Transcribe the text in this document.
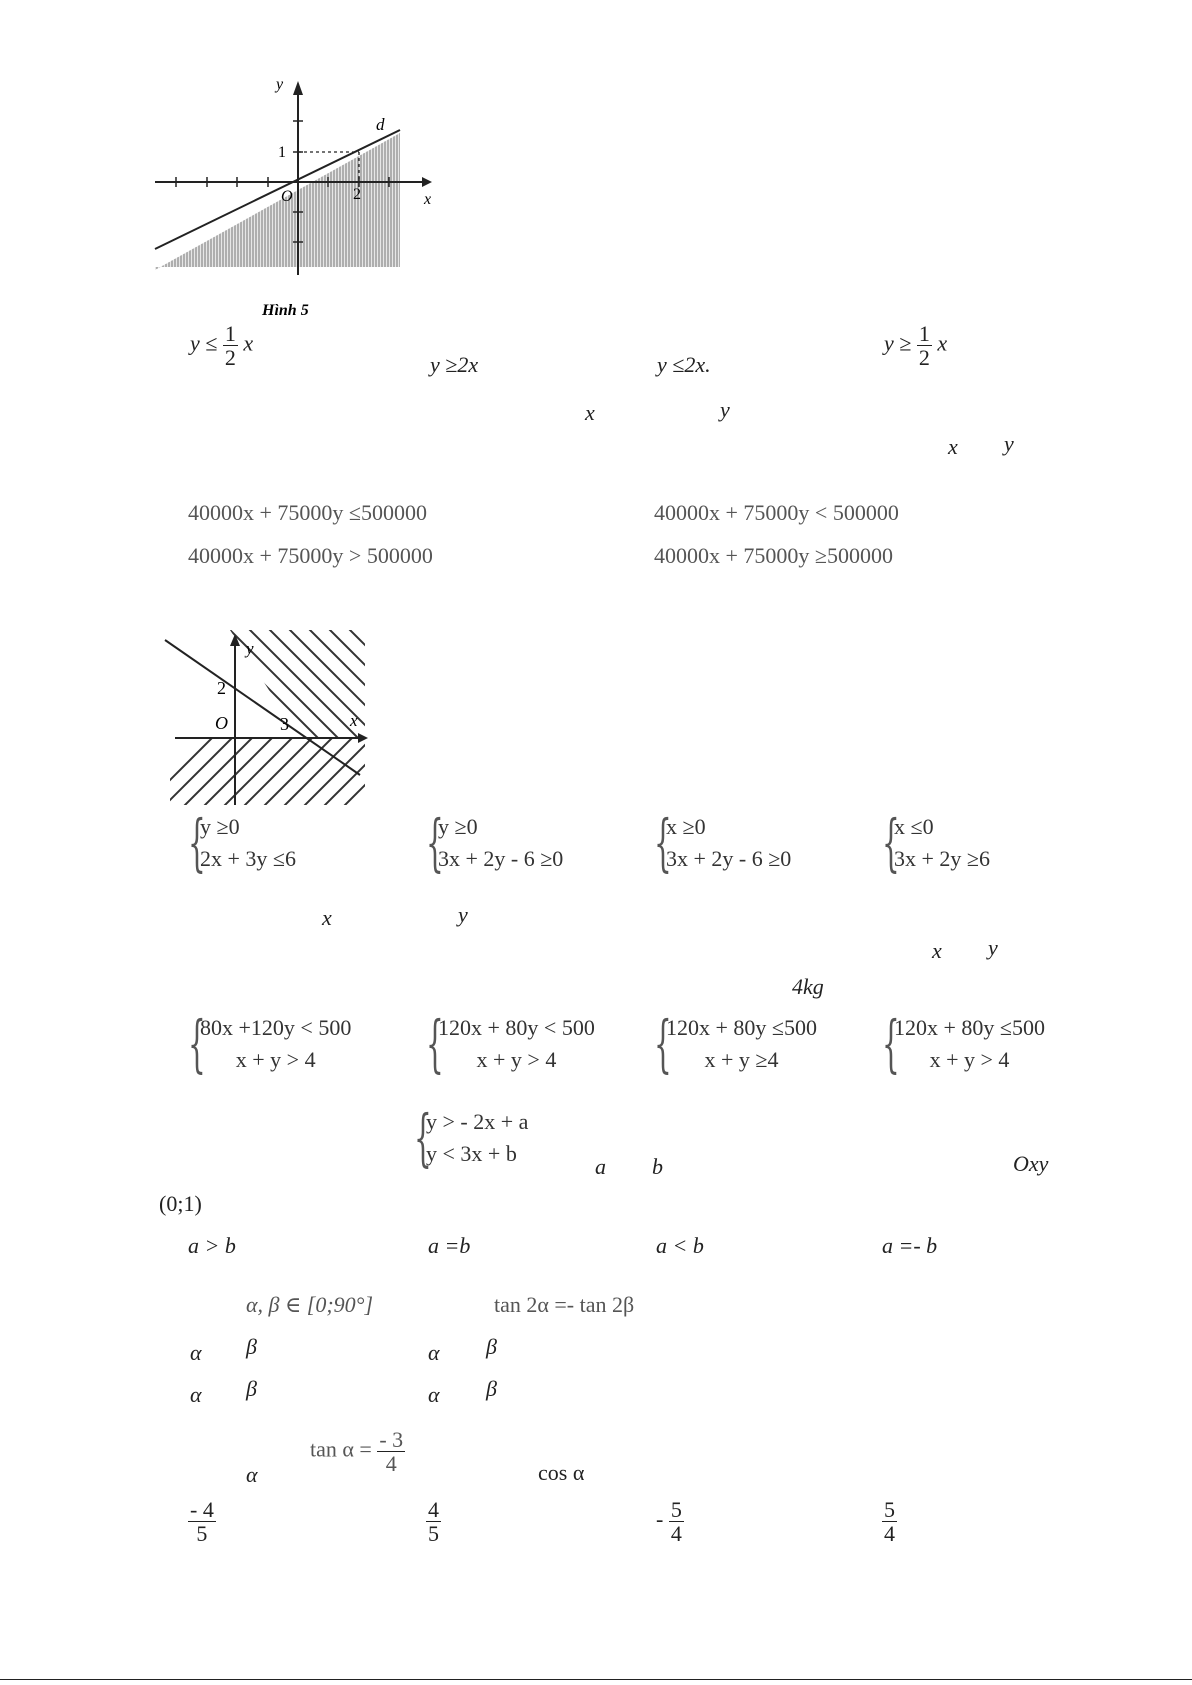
y
d
1
2
O	x
Hình 5
$y \le \frac{1}{2}$ x
y ≥2x	y ≤2x.
$y \ge \frac{1}{2}$ x
x	y
x y
40000x + 75000y ≤500000	40000x + 75000y < 500000
40000x + 75000y > 500000	40000x + 75000y ≥500000
y
2
O	3	x
{
y ≥0
2x + 3y ≤6 {
y ≥0
3x + 2y - 6 ≥0 {
x ≥0
3x + 2y - 6 ≥0 {
x ≤0
3x + 2y ≥6
x	y
x y
4kg
{
80x +120y < 500
x + y > 4 {
120x + 80y < 500
x + y > 4 {
120x + 80y ≤500
x + y ≥4 {
120x + 80y ≤500
x + y > 4
{
y > - 2x + a
y < 3x + b
a b	Oxy
(0;1)
a > b	a =b	a < b	a =- b
α, β ∈ [0;90°]	tan 2α =- tan 2β
α β	α β
α β	α β
α
$\tan \alpha = \frac{- 3}{4}$	cos α
$\frac{- 4}{5}$	$\frac{4}{5}$	- $\frac{5}{4}$	$\frac{5}{4}$
